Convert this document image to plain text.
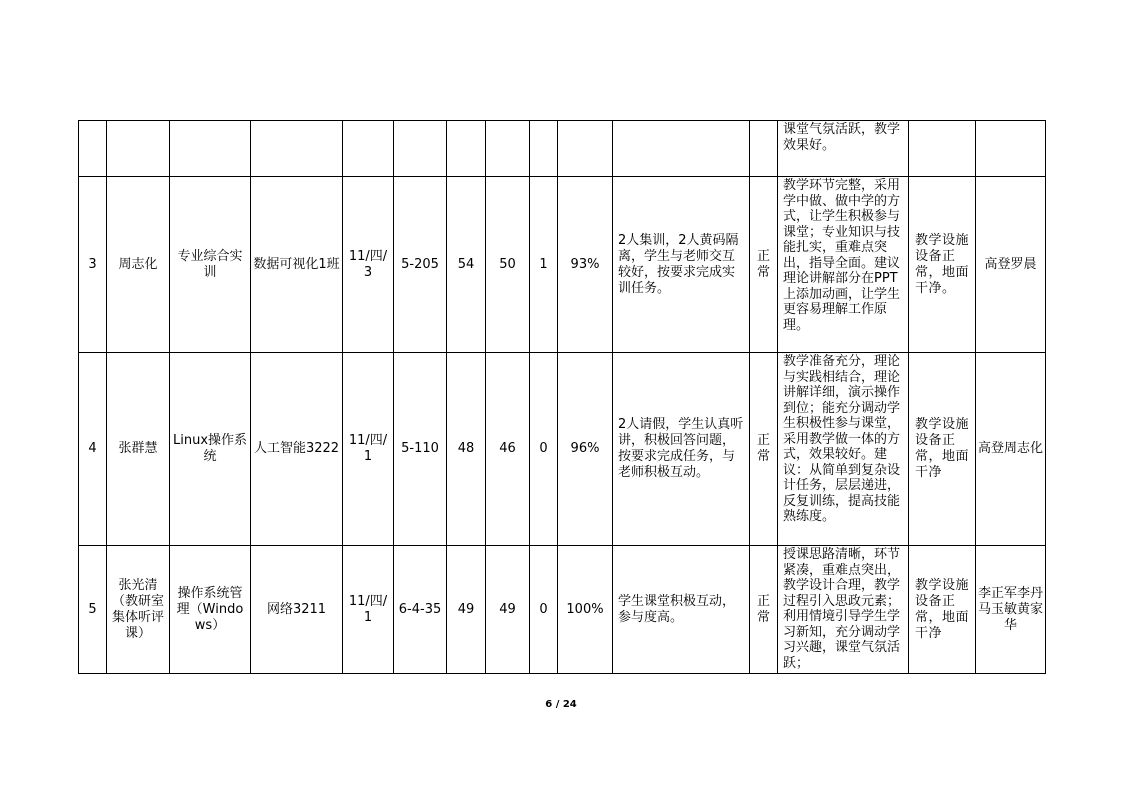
												课堂气氛活跃，教学效果好。		
3	周志化	专业综合实训	数据可视化1班	11/四/3	5-205	54	50	1	93%	2人集训，2人黄码隔离，学生与老师交互较好，按要求完成实训任务。	正常	教学环节完整，采用学中做、做中学的方式，让学生积极参与课堂；专业知识与技能扎实，重难点突出，指导全面。建议理论讲解部分在PPT上添加动画，让学生更容易理解工作原理。	教学设施设备正常，地面干净。	高登罗晨
4	张群慧	Linux操作系统	人工智能3222	11/四/1	5-110	48	46	0	96%	2人请假，学生认真听讲，积极回答问题，按要求完成任务，与老师积极互动。	正常	教学准备充分，理论与实践相结合，理论讲解详细，演示操作到位；能充分调动学生积极性参与课堂，采用教学做一体的方式，效果较好。建议：从简单到复杂设计任务，层层递进，反复训练，提高技能熟练度。	教学设施设备正常，地面干净	高登周志化
5	张光清（教研室集体听评课）	操作系统管理（Windows）	网络3211	11/四/1	6-4-35	49	49	0	100%	学生课堂积极互动，参与度高。	正常	授课思路清晰，环节紧凑，重难点突出，教学设计合理，教学过程引入思政元素；利用情境引导学生学习新知，充分调动学习兴趣，课堂气氛活跃；	教学设施设备正常，地面干净	李正军李丹马玉敏黄家华
6 / 24
